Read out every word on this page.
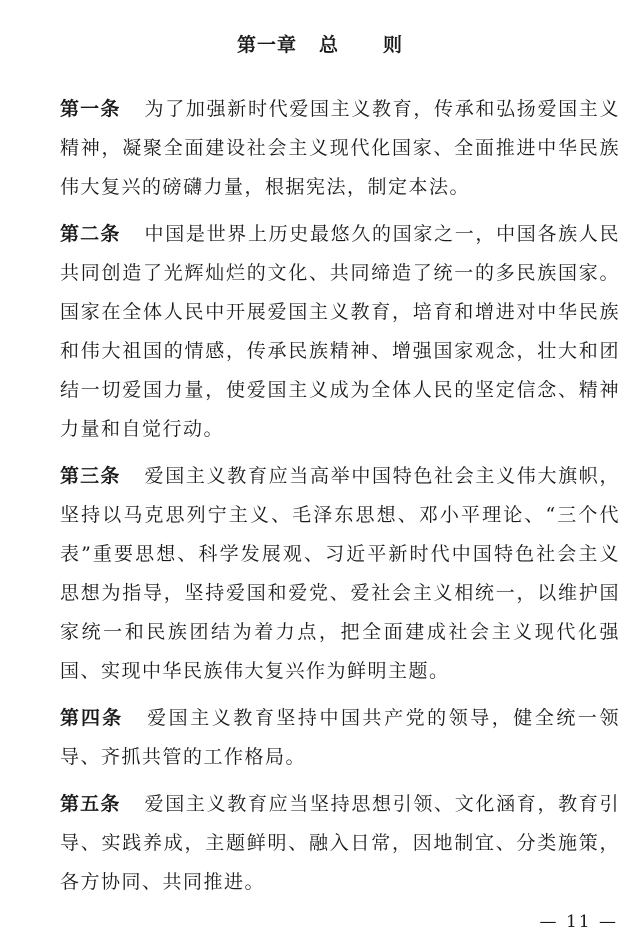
第一章 总 则

第一条 为了加强新时代爱国主义教育，传承和弘扬爱国主义精神，凝聚全面建设社会主义现代化国家、全面推进中华民族伟大复兴的磅礴力量，根据宪法，制定本法。

第二条 中国是世界上历史最悠久的国家之一，中国各族人民共同创造了光辉灿烂的文化、共同缔造了统一的多民族国家。国家在全体人民中开展爱国主义教育，培育和增进对中华民族和伟大祖国的情感，传承民族精神、增强国家观念，壮大和团结一切爱国力量，使爱国主义成为全体人民的坚定信念、精神力量和自觉行动。

第三条 爱国主义教育应当高举中国特色社会主义伟大旗帜，坚持以马克思列宁主义、毛泽东思想、邓小平理论、“三个代表”重要思想、科学发展观、习近平新时代中国特色社会主义思想为指导，坚持爱国和爱党、爱社会主义相统一，以维护国家统一和民族团结为着力点，把全面建成社会主义现代化强国、实现中华民族伟大复兴作为鲜明主题。

第四条 爱国主义教育坚持中国共产党的领导，健全统一领导、齐抓共管的工作格局。

第五条 爱国主义教育应当坚持思想引领、文化涵育，教育引导、实践养成，主题鲜明、融入日常，因地制宜、分类施策，各方协同、共同推进。

— 11 —
